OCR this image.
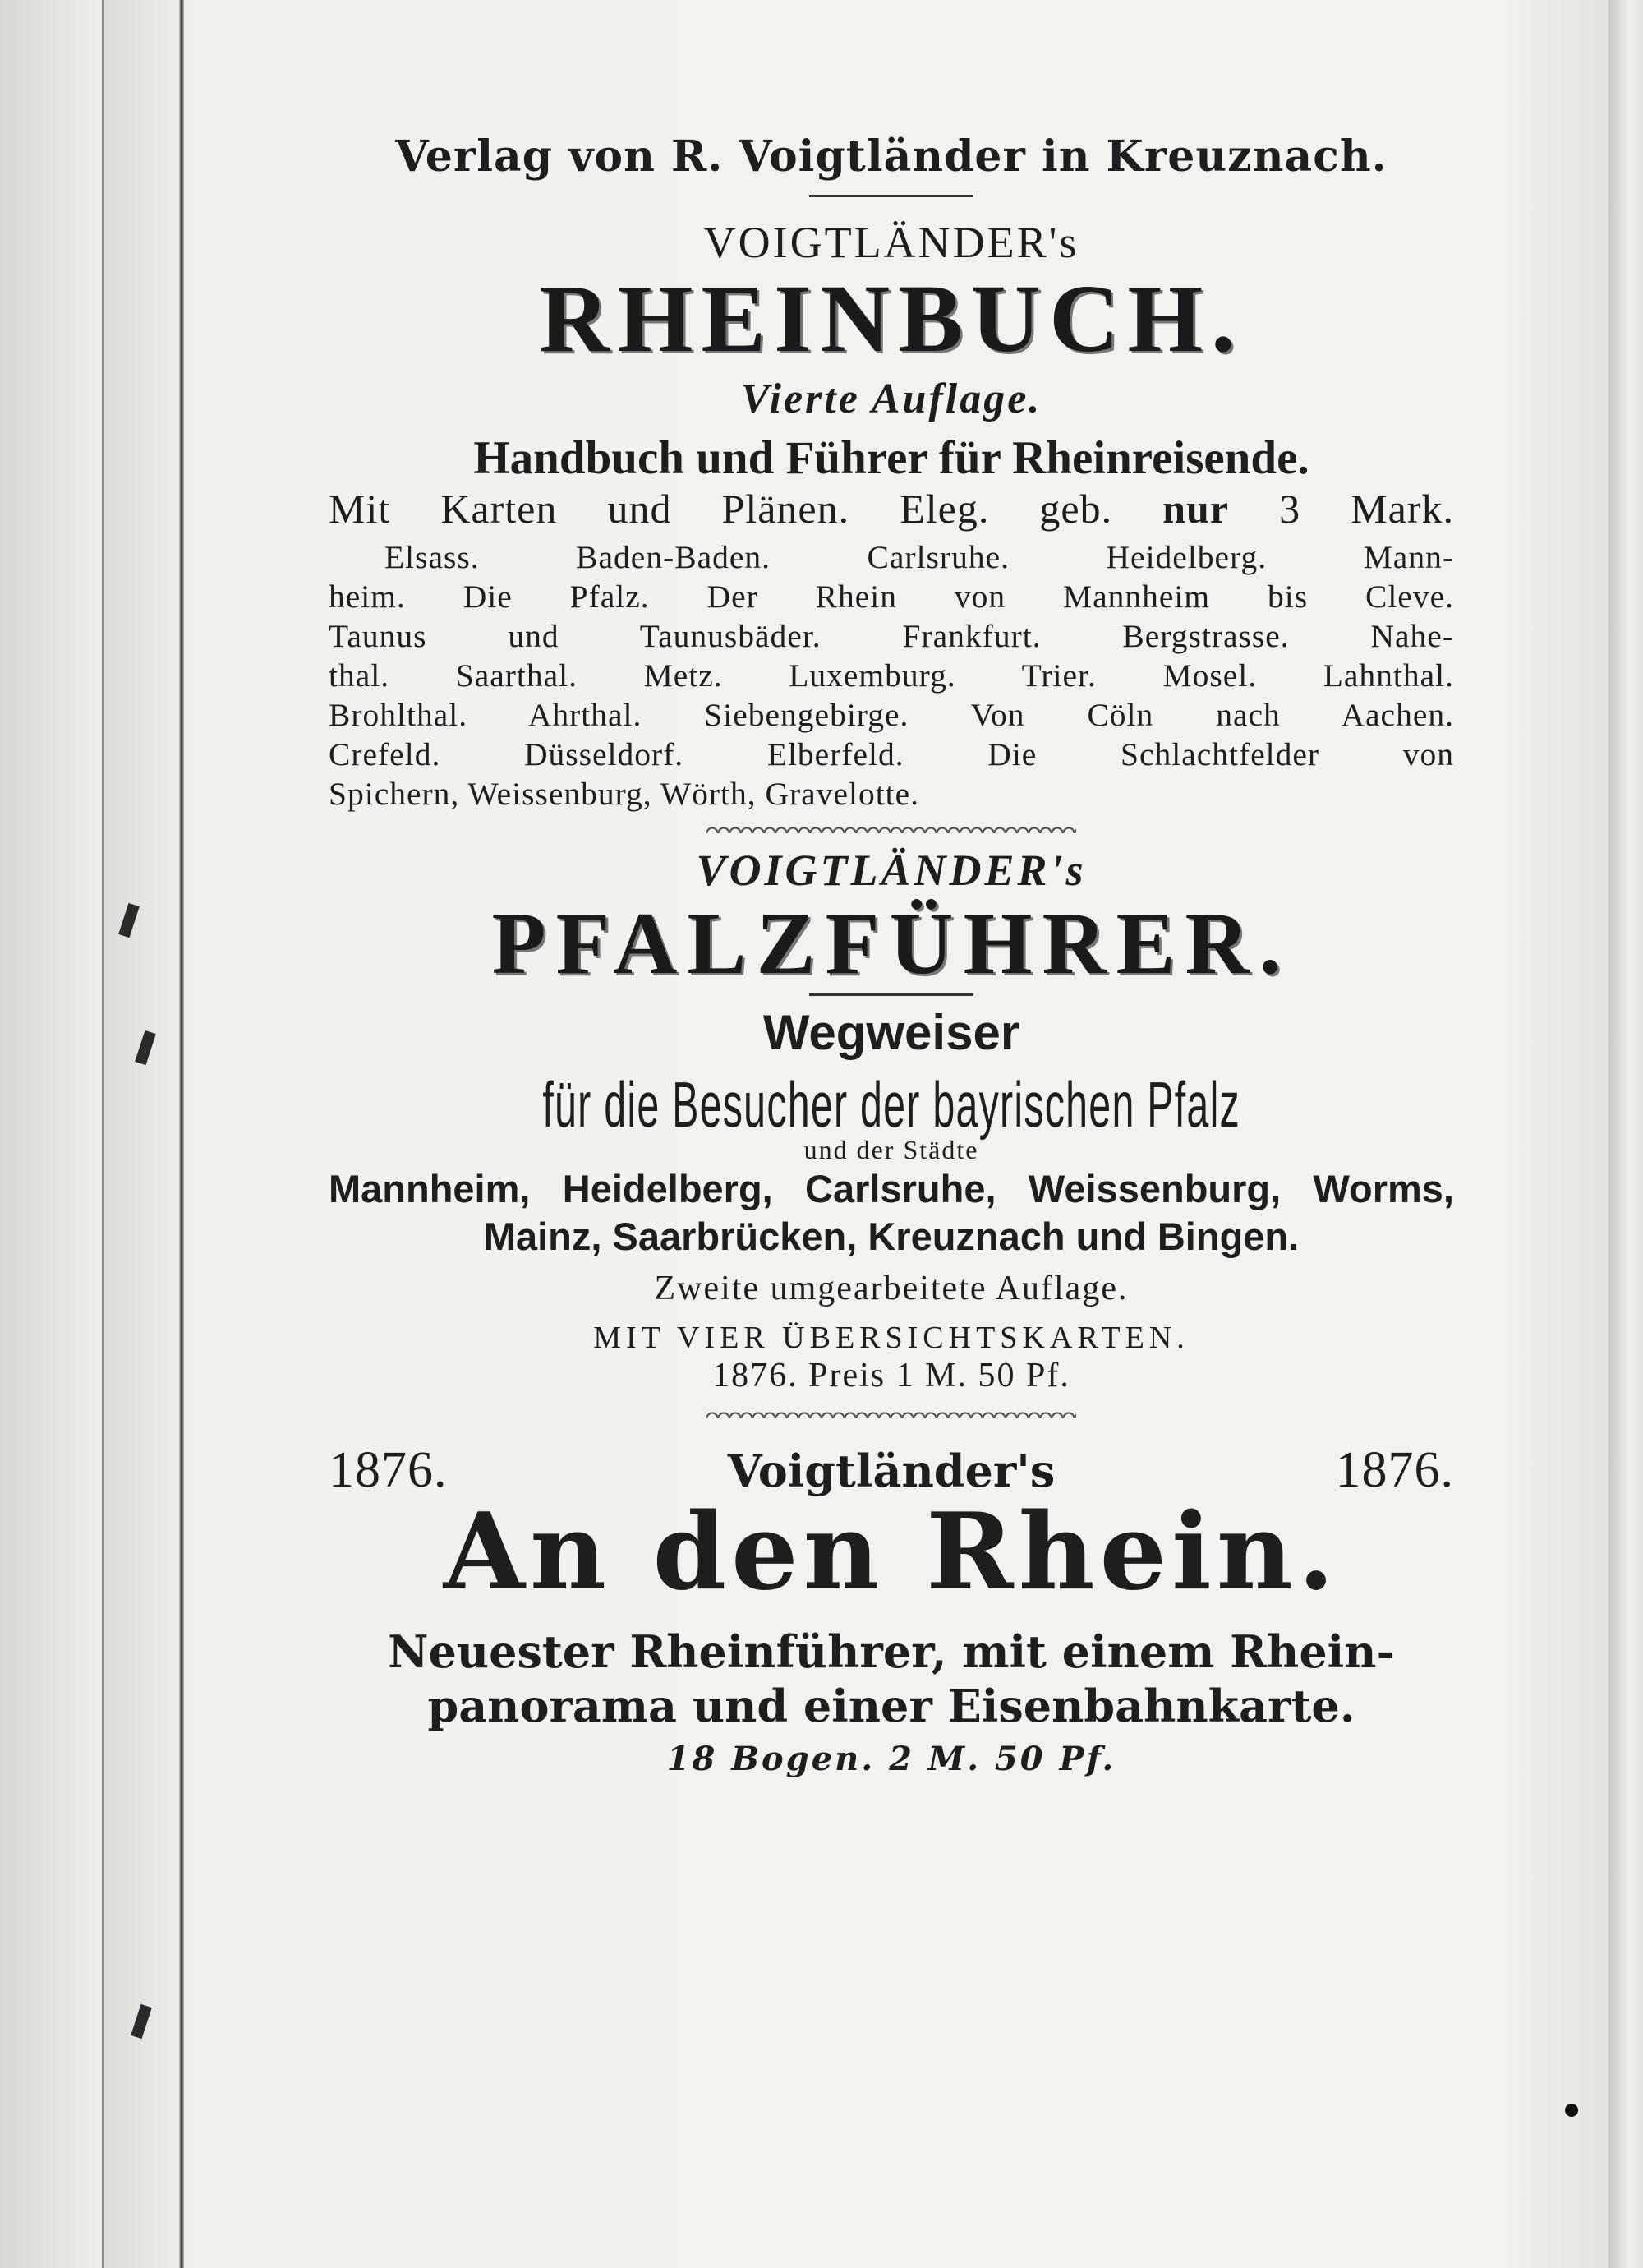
Verlag von R. Voigtländer in Kreuznach.
VOIGTLÄNDER's
RHEINBUCH.
Vierte Auflage.
Handbuch und Führer für Rheinreisende.
Mit Karten und Plänen. Eleg. geb. nur 3 Mark.
Elsass. Baden-Baden. Carlsruhe. Heidelberg. Mann-
heim. Die Pfalz. Der Rhein von Mannheim bis Cleve.
Taunus und Taunusbäder. Frankfurt. Bergstrasse. Nahe-
thal. Saarthal. Metz. Luxemburg. Trier. Mosel. Lahnthal.
Brohlthal. Ahrthal. Siebengebirge. Von Cöln nach Aachen.
Crefeld. Düsseldorf. Elberfeld. Die Schlachtfelder von
Spichern, Weissenburg, Wörth, Gravelotte.
VOIGTLÄNDER's
PFALZFÜHRER.
Wegweiser
für die Besucher der bayrischen Pfalz
und der Städte
Mannheim, Heidelberg, Carlsruhe, Weissenburg, Worms,
Mainz, Saarbrücken, Kreuznach und Bingen.
Zweite umgearbeitete Auflage.
MIT VIER ÜBERSICHTSKARTEN.
1876. Preis 1 M. 50 Pf.
1876.	Voigtländer's	1876.
An den Rhein.
Neuester Rheinführer, mit einem Rhein-
panorama und einer Eisenbahnkarte.
18 Bogen. 2 M. 50 Pf.
